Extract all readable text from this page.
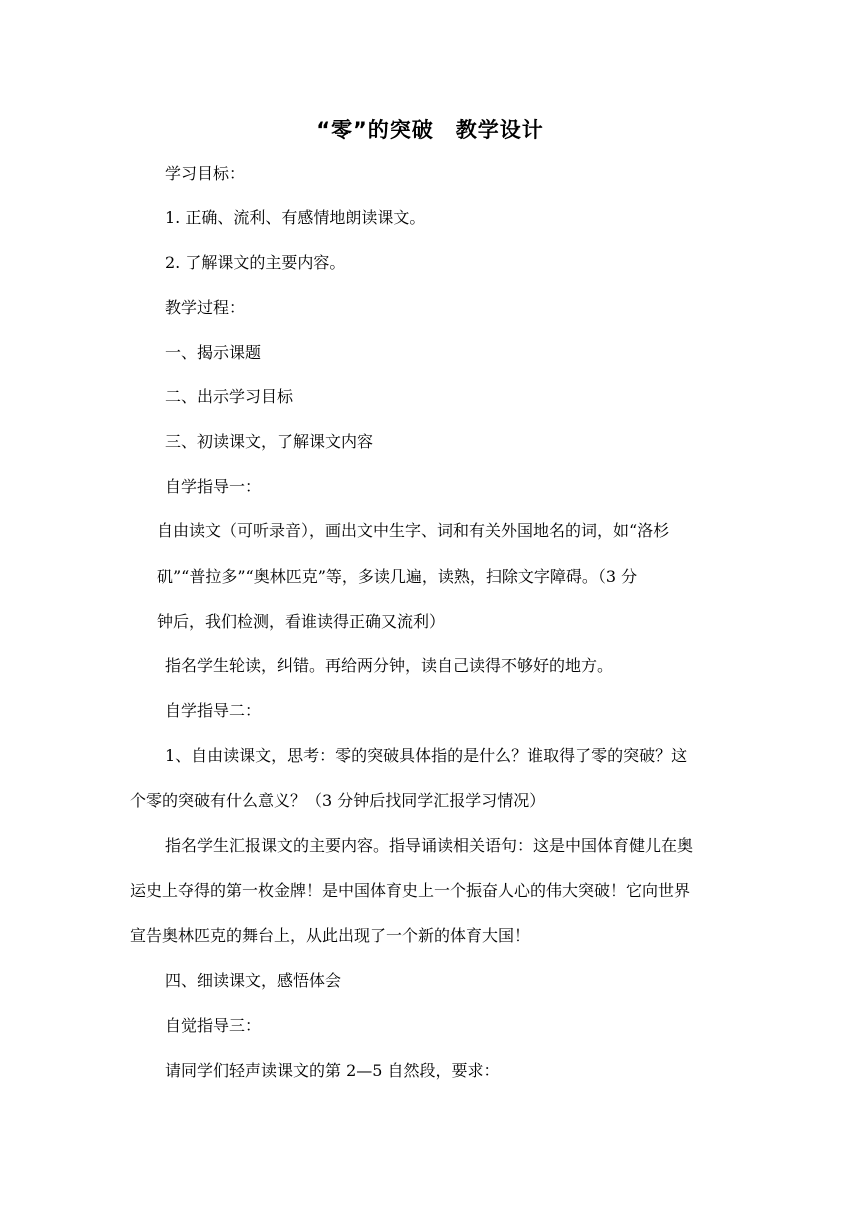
“零”的突破　教学设计
学习目标：
1. 正确、流利、有感情地朗读课文。
2. 了解课文的主要内容。
教学过程：
一、揭示课题
二、出示学习目标
三、初读课文，了解课文内容
自学指导一：
自由读文（可听录音），画出文中生字、词和有关外国地名的词，如“洛杉
矶”“普拉多”“奥林匹克”等，多读几遍，读熟，扫除文字障碍。（3 分
钟后，我们检测，看谁读得正确又流利）
指名学生轮读，纠错。再给两分钟，读自己读得不够好的地方。
自学指导二：
1、自由读课文，思考：零的突破具体指的是什么？谁取得了零的突破？这
个零的突破有什么意义？（3 分钟后找同学汇报学习情况）
指名学生汇报课文的主要内容。指导诵读相关语句：这是中国体育健儿在奥
运史上夺得的第一枚金牌！是中国体育史上一个振奋人心的伟大突破！它向世界
宣告奥林匹克的舞台上，从此出现了一个新的体育大国！
四、细读课文，感悟体会
自觉指导三：
请同学们轻声读课文的第 2—5 自然段，要求：
